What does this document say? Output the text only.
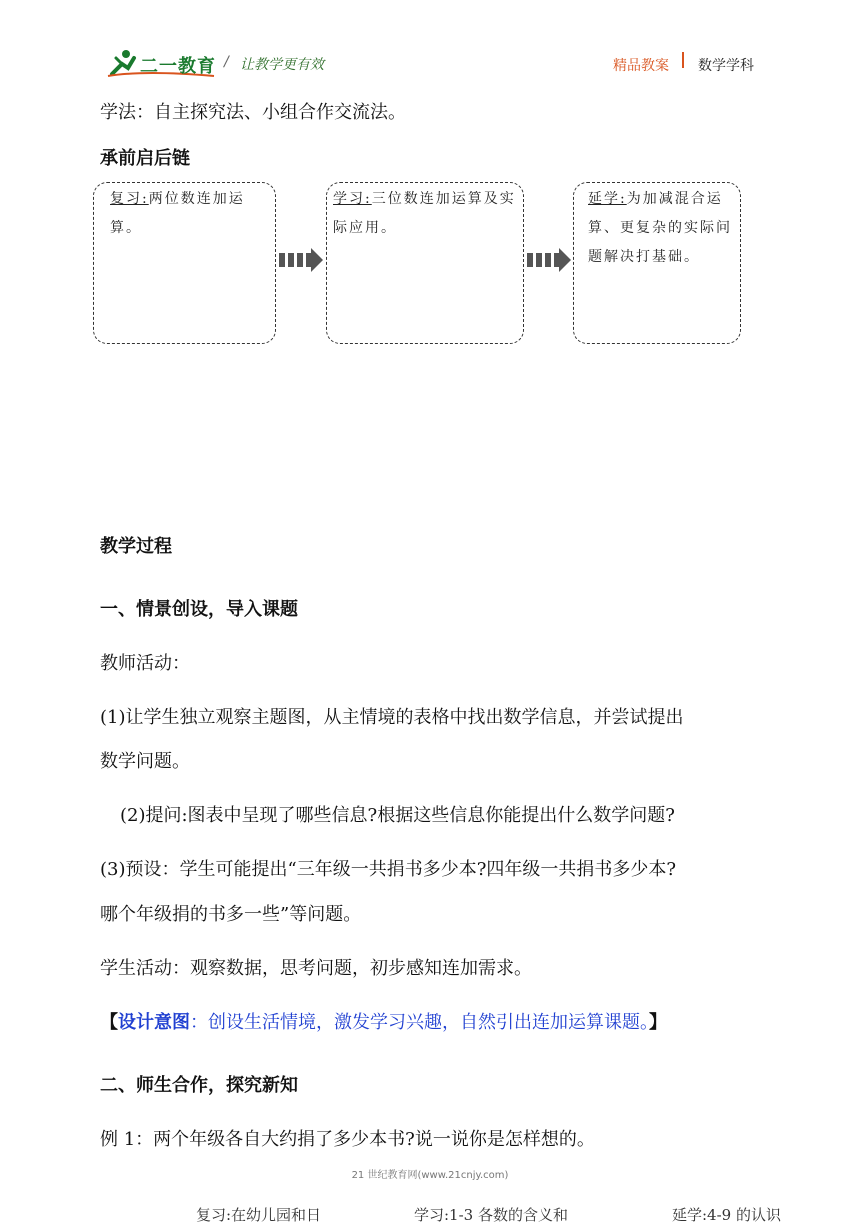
二一教育 / 让教学更有效	精品教案 数学学科
学法：自主探究法、小组合作交流法。
承前启后链
复习:两位数连加运算。
学习:三位数连加运算及实际应用。
延学:为加减混合运算、更复杂的实际问题解决打基础。
教学过程
一、情景创设，导入课题
教师活动：
(1)让学生独立观察主题图，从主情境的表格中找出数学信息，并尝试提出
数学问题。
(2)提问:图表中呈现了哪些信息?根据这些信息你能提出什么数学问题?
(3)预设：学生可能提出“三年级一共捐书多少本?四年级一共捐书多少本?
哪个年级捐的书多一些”等问题。
学生活动：观察数据，思考问题，初步感知连加需求。
【设计意图：创设生活情境，激发学习兴趣，自然引出连加运算课题。】
二、师生合作，探究新知
例 1：两个年级各自大约捐了多少本书?说一说你是怎样想的。
21 世纪教育网(www.21cnjy.com)
复习:在幼儿园和日	学习:1-3 各数的含义和	延学:4-9 的认识
